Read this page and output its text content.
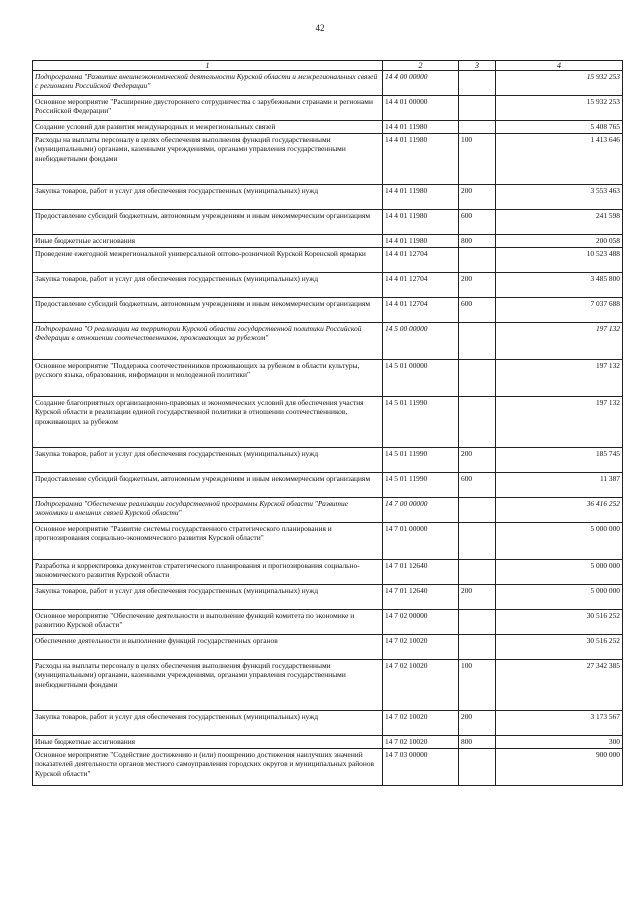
42
1	2	3	4
Подпрограмма "Развитие внешнеэкономической деятельности Курской области и межрегиональных связей с регионами Российской Федерации"	14 4 00 00000		15 932 253
Основное мероприятие "Расширение двустороннего сотрудничества с зарубежными странами и регионами Российской Федерации"	14 4 01 00000		15 932 253
Создание условий для развития международных и межрегиональных связей	14 4 01 11980		5 408 765
Расходы на выплаты персоналу в целях обеспечения выполнения функций государственными (муниципальными) органами, казенными учреждениями, органами управления государственными внебюджетными фондами	14 4 01 11980	100	1 413 646
Закупка товаров, работ и услуг для обеспечения государственных (муниципальных) нужд	14 4 01 11980	200	3 553 463
Предоставление субсидий бюджетным, автономным учреждениям и иным некоммерческим организациям	14 4 01 11980	600	241 598
Иные бюджетные ассигнования	14 4 01 11980	800	200 058
Проведение ежегодной межрегиональной универсальной оптово-розничной Курской Коренской ярмарки	14 4 01 12704		10 523 488
Закупка товаров, работ и услуг для обеспечения государственных (муниципальных) нужд	14 4 01 12704	200	3 485 800
Предоставление субсидий бюджетным, автономным учреждениям и иным некоммерческим организациям	14 4 01 12704	600	7 037 688
Подпрограмма "О реализации на территории Курской области государственной политики Российской Федерации в отношении соотечественников, проживающих за рубежом"	14 5 00 00000		197 132
Основное мероприятие "Поддержка соотечественников проживающих за рубежом в области культуры, русского языка, образования, информации и молодежной политики"	14 5 01 00000		197 132
Создание благоприятных организационно-правовых и экономических условий для обеспечения участия Курской области в реализации единой государственной политики в отношении соотечественников, проживающих за рубежом	14 5 01 11990		197 132
Закупка товаров, работ и услуг для обеспечения государственных (муниципальных) нужд	14 5 01 11990	200	185 745
Предоставление субсидий бюджетным, автономным учреждениям и иным некоммерческим организациям	14 5 01 11990	600	11 387
Подпрограмма "Обеспечение реализации государственной программы Курской области "Развитие экономики и внешних связей Курской области"	14 7 00 00000		36 416 252
Основное мероприятие "Развитие системы государственного стратегического планирования и прогнозирования социально-экономического развития Курской области"	14 7 01 00000		5 000 000
Разработка и корректировка документов стратегического планирования и прогнозирования социально-экономического развития Курской области	14 7 01 12640		5 000 000
Закупка товаров, работ и услуг для обеспечения государственных (муниципальных) нужд	14 7 01 12640	200	5 000 000
Основное мероприятие "Обеспечение деятельности и выполнение функций комитета по экономике и развитию Курской области"	14 7 02 00000		30 516 252
Обеспечение деятельности и выполнение функций государственных органов	14 7 02 10020		30 516 252
Расходы на выплаты персоналу в целях обеспечения выполнения функций государственными (муниципальными) органами, казенными учреждениями, органами управления государственными внебюджетными фондами	14 7 02 10020	100	27 342 385
Закупка товаров, работ и услуг для обеспечения государственных (муниципальных) нужд	14 7 02 10020	200	3 173 567
Иные бюджетные ассигнования	14 7 02 10020	800	300
Основное мероприятие "Содействие достижению и (или) поощрению достижения наилучших значений показателей деятельности органов местного самоуправления городских округов и муниципальных районов Курской области"	14 7 03 00000		900 000
